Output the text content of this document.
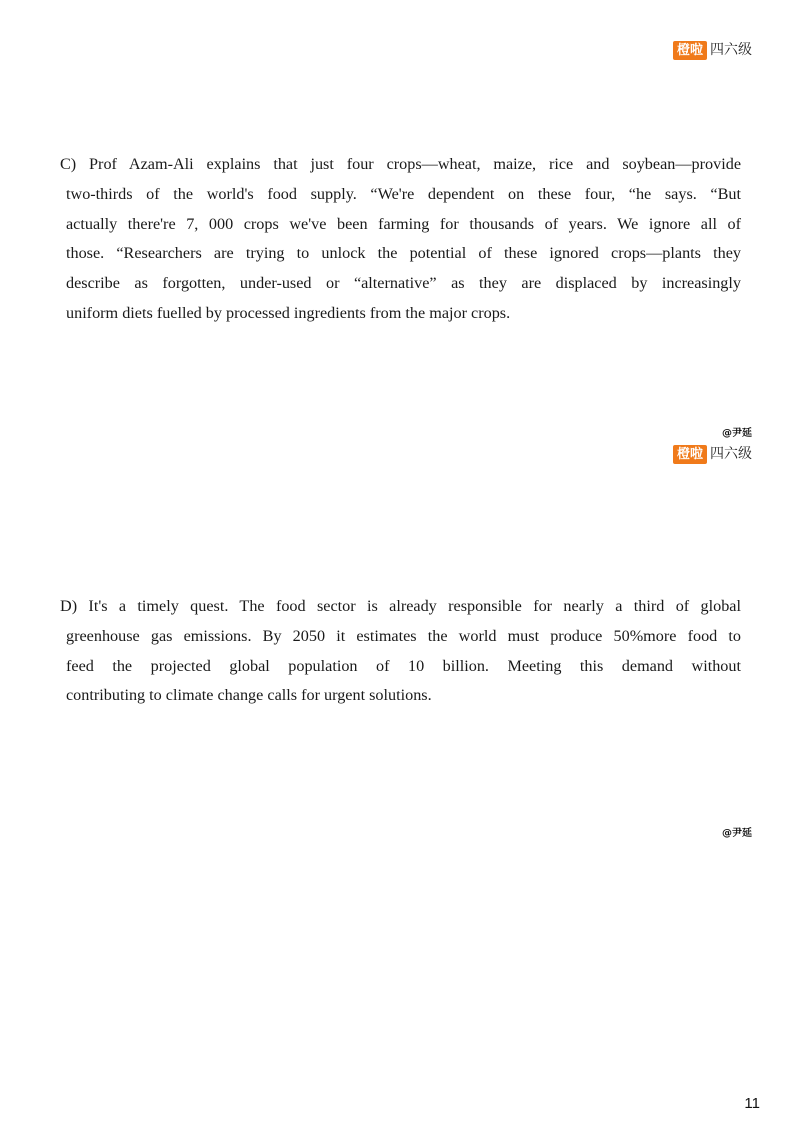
橙啦 四六级
C) Prof Azam-Ali explains that just four crops—wheat, maize, rice and soybean—provide
two-thirds of the world's food supply. “We're dependent on these four, “he says. “But
actually there're 7, 000 crops we've been farming for thousands of years. We ignore all of
those. “Researchers are trying to unlock the potential of these ignored crops—plants they
describe as forgotten, under-used or “alternative” as they are displaced by increasingly
uniform diets fuelled by processed ingredients from the major crops.
@尹延
橙啦 四六级
D) It's a timely quest. The food sector is already responsible for nearly a third of global
greenhouse gas emissions. By 2050 it estimates the world must produce 50%more food to
feed the projected global population of 10 billion. Meeting this demand without
contributing to climate change calls for urgent solutions.
@尹延
11
